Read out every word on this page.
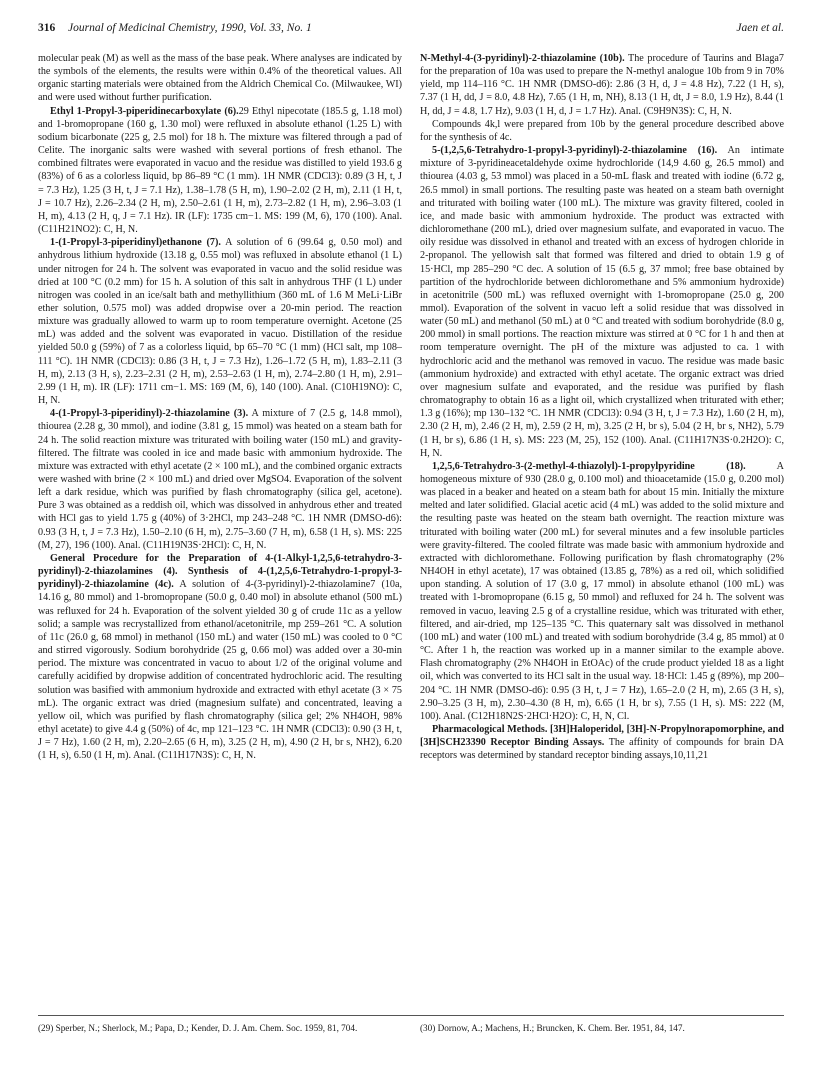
316 Journal of Medicinal Chemistry, 1990, Vol. 33, No. 1	Jaen et al.

molecular peak (M) as well as the mass of the base peak. Where analyses are indicated by the symbols of the elements, the results were within 0.4% of the theoretical values. All organic starting materials were obtained from the Aldrich Chemical Co. (Milwaukee, WI) and were used without further purification.

Ethyl 1-Propyl-3-piperidinecarboxylate (6).29 Ethyl nipecotate (185.5 g, 1.18 mol) and 1-bromopropane (160 g, 1.30 mol) were refluxed in absolute ethanol (1.25 L) with sodium bicarbonate (225 g, 2.5 mol) for 18 h. The mixture was filtered through a pad of Celite. The inorganic salts were washed with several portions of fresh ethanol. The combined filtrates were evaporated in vacuo and the residue was distilled to yield 193.6 g (83%) of 6 as a colorless liquid, bp 86–89 °C (1 mm). 1H NMR (CDCl3): 0.89 (3 H, t, J = 7.3 Hz), 1.25 (3 H, t, J = 7.1 Hz), 1.38–1.78 (5 H, m), 1.90–2.02 (2 H, m), 2.11 (1 H, t, J = 10.7 Hz), 2.26–2.34 (2 H, m), 2.50–2.61 (1 H, m), 2.73–2.82 (1 H, m), 2.96–3.03 (1 H, m), 4.13 (2 H, q, J = 7.1 Hz). IR (LF): 1735 cm−1. MS: 199 (M, 6), 170 (100). Anal. (C11H21NO2): C, H, N.

1-(1-Propyl-3-piperidinyl)ethanone (7). A solution of 6 (99.64 g, 0.50 mol) and anhydrous lithium hydroxide (13.18 g, 0.55 mol) was refluxed in absolute ethanol (1 L) under nitrogen for 24 h. The solvent was evaporated in vacuo and the solid residue was dried at 100 °C (0.2 mm) for 15 h. A solution of this salt in anhydrous THF (1 L) under nitrogen was cooled in an ice/salt bath and methyllithium (360 mL of 1.6 M MeLi·LiBr ether solution, 0.575 mol) was added dropwise over a 20-min period. The reaction mixture was gradually allowed to warm up to room temperature overnight. Acetone (25 mL) was added and the solvent was evaporated in vacuo. Distillation of the residue yielded 50.0 g (59%) of 7 as a colorless liquid, bp 65–70 °C (1 mm) (HCl salt, mp 108–111 °C). 1H NMR (CDCl3): 0.86 (3 H, t, J = 7.3 Hz), 1.26–1.72 (5 H, m), 1.83–2.11 (3 H, m), 2.13 (3 H, s), 2.23–2.31 (2 H, m), 2.53–2.63 (1 H, m), 2.74–2.80 (1 H, m), 2.91–2.99 (1 H, m). IR (LF): 1711 cm−1. MS: 169 (M, 6), 140 (100). Anal. (C10H19NO): C, H, N.

4-(1-Propyl-3-piperidinyl)-2-thiazolamine (3). A mixture of 7 (2.5 g, 14.8 mmol), thiourea (2.28 g, 30 mmol), and iodine (3.81 g, 15 mmol) was heated on a steam bath for 24 h. The solid reaction mixture was triturated with boiling water (150 mL) and gravity-filtered. The filtrate was cooled in ice and made basic with ammonium hydroxide. The mixture was extracted with ethyl acetate (2 × 100 mL), and the combined organic extracts were washed with brine (2 × 100 mL) and dried over MgSO4. Evaporation of the solvent left a dark residue, which was purified by flash chromatography (silica gel, acetone). Pure 3 was obtained as a reddish oil, which was dissolved in anhydrous ether and treated with HCl gas to yield 1.75 g (40%) of 3·2HCl, mp 243–248 °C. 1H NMR (DMSO-d6): 0.93 (3 H, t, J = 7.3 Hz), 1.50–2.10 (6 H, m), 2.75–3.60 (7 H, m), 6.58 (1 H, s). MS: 225 (M, 27), 196 (100). Anal. (C11H19N3S·2HCl): C, H, N.

General Procedure for the Preparation of 4-(1-Alkyl-1,2,5,6-tetrahydro-3-pyridinyl)-2-thiazolamines (4). Synthesis of 4-(1,2,5,6-Tetrahydro-1-propyl-3-pyridinyl)-2-thiazolamine (4c). A solution of 4-(3-pyridinyl)-2-thiazolamine7 (10a, 14.16 g, 80 mmol) and 1-bromopropane (50.0 g, 0.40 mol) in absolute ethanol (500 mL) was refluxed for 24 h. Evaporation of the solvent yielded 30 g of crude 11c as a yellow solid; a sample was recrystallized from ethanol/acetonitrile, mp 259–261 °C. A solution of 11c (26.0 g, 68 mmol) in methanol (150 mL) and water (150 mL) was cooled to 0 °C and stirred vigorously. Sodium borohydride (25 g, 0.66 mol) was added over a 30-min period. The mixture was concentrated in vacuo to about 1/2 of the original volume and carefully acidified by dropwise addition of concentrated hydrochloric acid. The resulting solution was basified with ammonium hydroxide and extracted with ethyl acetate (3 × 75 mL). The organic extract was dried (magnesium sulfate) and concentrated, leaving a yellow oil, which was purified by flash chromatography (silica gel; 2% NH4OH, 98% ethyl acetate) to give 4.4 g (50%) of 4c, mp 121–123 °C. 1H NMR (CDCl3): 0.90 (3 H, t, J = 7 Hz), 1.60 (2 H, m), 2.20–2.65 (6 H, m), 3.25 (2 H, m), 4.90 (2 H, br s, NH2), 6.20 (1 H, s), 6.50 (1 H, m). Anal. (C11H17N3S): C, H, N.

N-Methyl-4-(3-pyridinyl)-2-thiazolamine (10b). The procedure of Taurins and Blaga7 for the preparation of 10a was used to prepare the N-methyl analogue 10b from 9 in 70% yield, mp 114–116 °C. 1H NMR (DMSO-d6): 2.86 (3 H, d, J = 4.8 Hz), 7.22 (1 H, s), 7.37 (1 H, dd, J = 8.0, 4.8 Hz), 7.65 (1 H, m, NH), 8.13 (1 H, dt, J = 8.0, 1.9 Hz), 8.44 (1 H, dd, J = 4.8, 1.7 Hz), 9.03 (1 H, d, J = 1.7 Hz). Anal. (C9H9N3S): C, H, N.

Compounds 4k,l were prepared from 10b by the general procedure described above for the synthesis of 4c.

5-(1,2,5,6-Tetrahydro-1-propyl-3-pyridinyl)-2-thiazolamine (16). An intimate mixture of 3-pyridineacetaldehyde oxime hydrochloride (14,9 4.60 g, 26.5 mmol) and thiourea (4.03 g, 53 mmol) was placed in a 50-mL flask and treated with iodine (6.72 g, 26.5 mmol) in small portions. The resulting paste was heated on a steam bath overnight and triturated with boiling water (100 mL). The mixture was gravity filtered, cooled in ice, and made basic with ammonium hydroxide. The product was extracted with dichloromethane (200 mL), dried over magnesium sulfate, and evaporated in vacuo. The oily residue was dissolved in ethanol and treated with an excess of hydrogen chloride in 2-propanol. The yellowish salt that formed was filtered and dried to obtain 1.9 g of 15·HCl, mp 285–290 °C dec. A solution of 15 (6.5 g, 37 mmol; free base obtained by partition of the hydrochloride between dichloromethane and 5% ammonium hydroxide) in acetonitrile (500 mL) was refluxed overnight with 1-bromopropane (25.0 g, 200 mmol). Evaporation of the solvent in vacuo left a solid residue that was dissolved in water (50 mL) and methanol (50 mL) at 0 °C and treated with sodium borohydride (8.0 g, 200 mmol) in small portions. The reaction mixture was stirred at 0 °C for 1 h and then at room temperature overnight. The pH of the mixture was adjusted to ca. 1 with hydrochloric acid and the methanol was removed in vacuo. The residue was made basic (ammonium hydroxide) and extracted with ethyl acetate. The organic extract was dried over magnesium sulfate and evaporated, and the residue was purified by flash chromatography to obtain 16 as a light oil, which crystallized when triturated with ether; 1.3 g (16%); mp 130–132 °C. 1H NMR (CDCl3): 0.94 (3 H, t, J = 7.3 Hz), 1.60 (2 H, m), 2.30 (2 H, m), 2.46 (2 H, m), 2.59 (2 H, m), 3.25 (2 H, br s), 5.04 (2 H, br s, NH2), 5.79 (1 H, br s), 6.86 (1 H, s). MS: 223 (M, 25), 152 (100). Anal. (C11H17N3S·0.2H2O): C, H, N.

1,2,5,6-Tetrahydro-3-(2-methyl-4-thiazolyl)-1-propylpyridine (18). A homogeneous mixture of 930 (28.0 g, 0.100 mol) and thioacetamide (15.0 g, 0.200 mol) was placed in a beaker and heated on a steam bath for about 15 min. Initially the mixture melted and later solidified. Glacial acetic acid (4 mL) was added to the solid mixture and the resulting paste was heated on the steam bath overnight. The reaction mixture was triturated with boiling water (200 mL) for several minutes and a few insoluble particles were gravity-filtered. The cooled filtrate was made basic with ammonium hydroxide and extracted with dichloromethane. Following purification by flash chromatography (2% NH4OH in ethyl acetate), 17 was obtained (13.85 g, 78%) as a red oil, which solidified upon standing. A solution of 17 (3.0 g, 17 mmol) in absolute ethanol (100 mL) was treated with 1-bromopropane (6.15 g, 50 mmol) and refluxed for 24 h. The solvent was removed in vacuo, leaving 2.5 g of a crystalline residue, which was triturated with ether, filtered, and air-dried, mp 125–135 °C. This quaternary salt was dissolved in methanol (100 mL) and water (100 mL) and treated with sodium borohydride (3.4 g, 85 mmol) at 0 °C. After 1 h, the reaction was worked up in a manner similar to the example above. Flash chromatography (2% NH4OH in EtOAc) of the crude product yielded 18 as a light oil, which was converted to its HCl salt in the usual way. 18·HCl: 1.45 g (89%), mp 200–204 °C. 1H NMR (DMSO-d6): 0.95 (3 H, t, J = 7 Hz), 1.65–2.0 (2 H, m), 2.65 (3 H, s), 2.90–3.25 (3 H, m), 2.30–4.30 (8 H, m), 6.65 (1 H, br s), 7.55 (1 H, s). MS: 222 (M, 100). Anal. (C12H18N2S·2HCl·H2O): C, H, N, Cl.

Pharmacological Methods. [3H]Haloperidol, [3H]-N-Propylnorapomorphine, and [3H]SCH23390 Receptor Binding Assays. The affinity of compounds for brain DA receptors was determined by standard receptor binding assays,10,11,21

(29) Sperber, N.; Sherlock, M.; Papa, D.; Kender, D. J. Am. Chem. Soc. 1959, 81, 704.	(30) Dornow, A.; Machens, H.; Bruncken, K. Chem. Ber. 1951, 84, 147.
